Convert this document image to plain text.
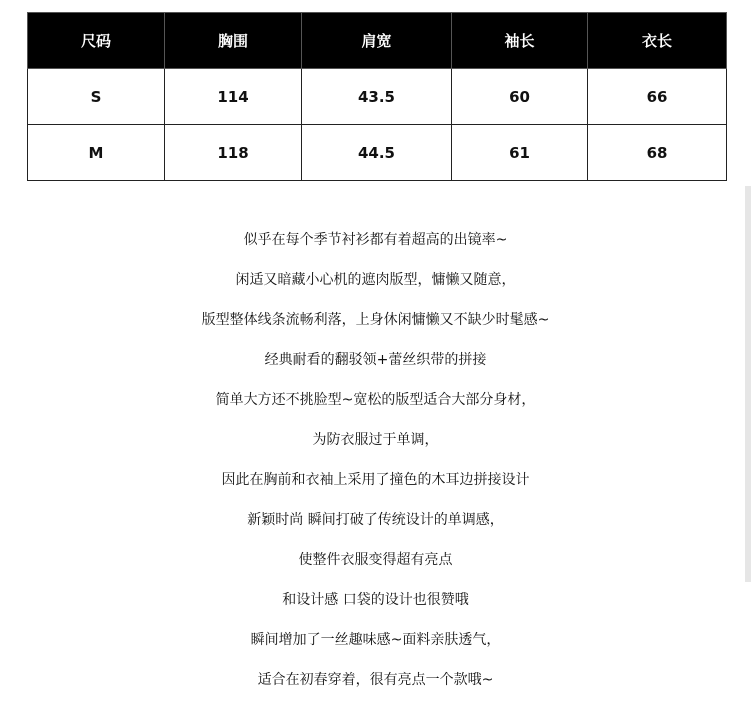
尺码	胸围	肩宽	袖长	衣长
S	114	43.5	60	66
M	118	44.5	61	68
似乎在每个季节衬衫都有着超高的出镜率~
闲适又暗藏小心机的遮肉版型，慵懒又随意，
版型整体线条流畅利落，上身休闲慵懒又不缺少时髦感~
经典耐看的翻驳领+蕾丝织带的拼接
简单大方还不挑脸型~宽松的版型适合大部分身材，
为防衣服过于单调，
因此在胸前和衣袖上采用了撞色的木耳边拼接设计
新颖时尚 瞬间打破了传统设计的单调感，
使整件衣服变得超有亮点
和设计感 口袋的设计也很赞哦
瞬间增加了一丝趣味感~面料亲肤透气，
适合在初春穿着，很有亮点一个款哦~
